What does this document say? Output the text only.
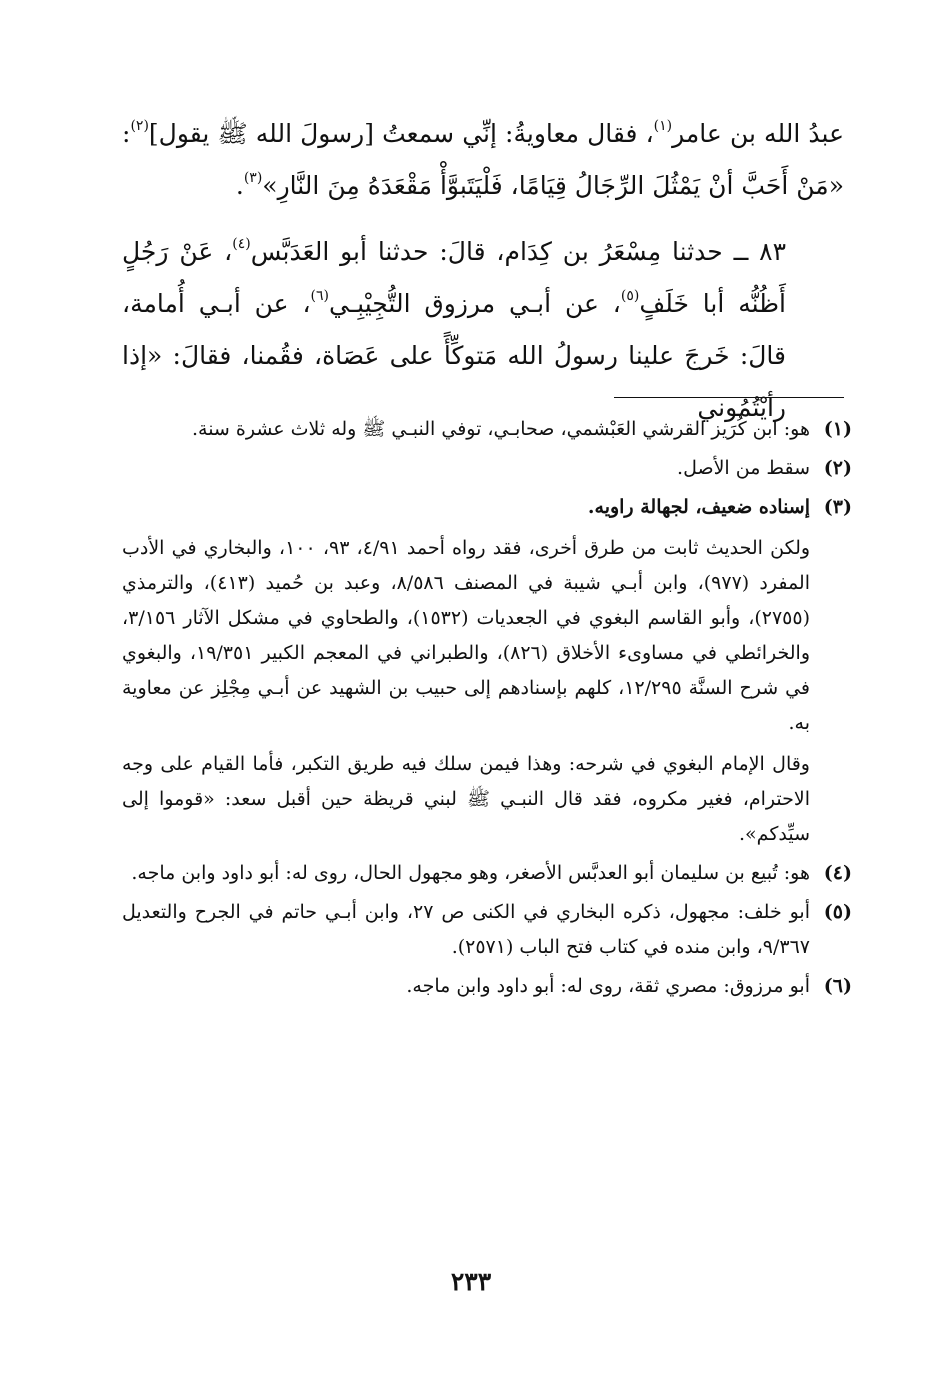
عبدُ الله بن عامر$^{(١)}$، فقال معاويةُ: إنِّي سمعتُ [رسولَ الله ﷺ يقول]$^{(٢)}$: «مَنْ أَحَبَّ أنْ يَمْثُلَ الرِّجَالُ قِيَامًا، فَلْيَتَبوَّأْ مَقْعَدَهُ مِنَ النَّارِ»$^{(٣)}$.

٨٣ ــ حدثنا مِسْعَرُ بن كِدَام، قالَ: حدثنا أبو العَدَبَّس$^{(٤)}$، عَنْ رَجُلٍ أَظُنُّه أبا خَلَفٍ$^{(٥)}$، عن أبـي مرزوق التُّجِيْبِـي$^{(٦)}$، عن أبـي أُمامة، قالَ: خَرجَ علينا رسولُ الله مَتوكِّأً على عَصَاة، فقُمنا، فقالَ: «إذا رأيْتُمُوني

(١)

هو: ابن كُرَيز القرشي العَبْشمي، صحابـي، توفي النبـي ﷺ وله ثلاث عشرة سنة.

(٢)

سقط من الأصل.

(٣)

إسناده ضعيف، لجهالة راويه.

ولكن الحديث ثابت من طرق أخرى، فقد رواه أحمد ٤/٩١، ٩٣، ١٠٠، والبخاري في الأدب المفرد (٩٧٧)، وابن أبـي شيبة في المصنف ٨/٥٨٦، وعبد بن حُميد (٤١٣)، والترمذي (٢٧٥٥)، وأبو القاسم البغوي في الجعديات (١٥٣٢)، والطحاوي في مشكل الآثار ٣/١٥٦، والخرائطي في مساوىء الأخلاق (٨٢٦)، والطبراني في المعجم الكبير ١٩/٣٥١، والبغوي في شرح السنَّة ١٢/٢٩٥، كلهم بإسنادهم إلى حبيب بن الشهيد عن أبـي مِجْلِز عن معاوية به.

وقال الإمام البغوي في شرحه: وهذا فيمن سلك فيه طريق التكبر، فأما القيام على وجه الاحترام، فغير مكروه، فقد قال النبـي ﷺ لبني قريظة حين أقبل سعد: «قوموا إلى سيِّدكم».

(٤)

هو: تُبيع بن سليمان أبو العدبَّس الأصغر، وهو مجهول الحال، روى له: أبو داود وابن ماجه.

(٥)

أبو خلف: مجهول، ذكره البخاري في الكنى ص ٢٧، وابن أبـي حاتم في الجرح والتعديل ٩/٣٦٧، وابن منده في كتاب فتح الباب (٢٥٧١).

(٦)

أبو مرزوق: مصري ثقة، روى له: أبو داود وابن ماجه.

٢٣٣
